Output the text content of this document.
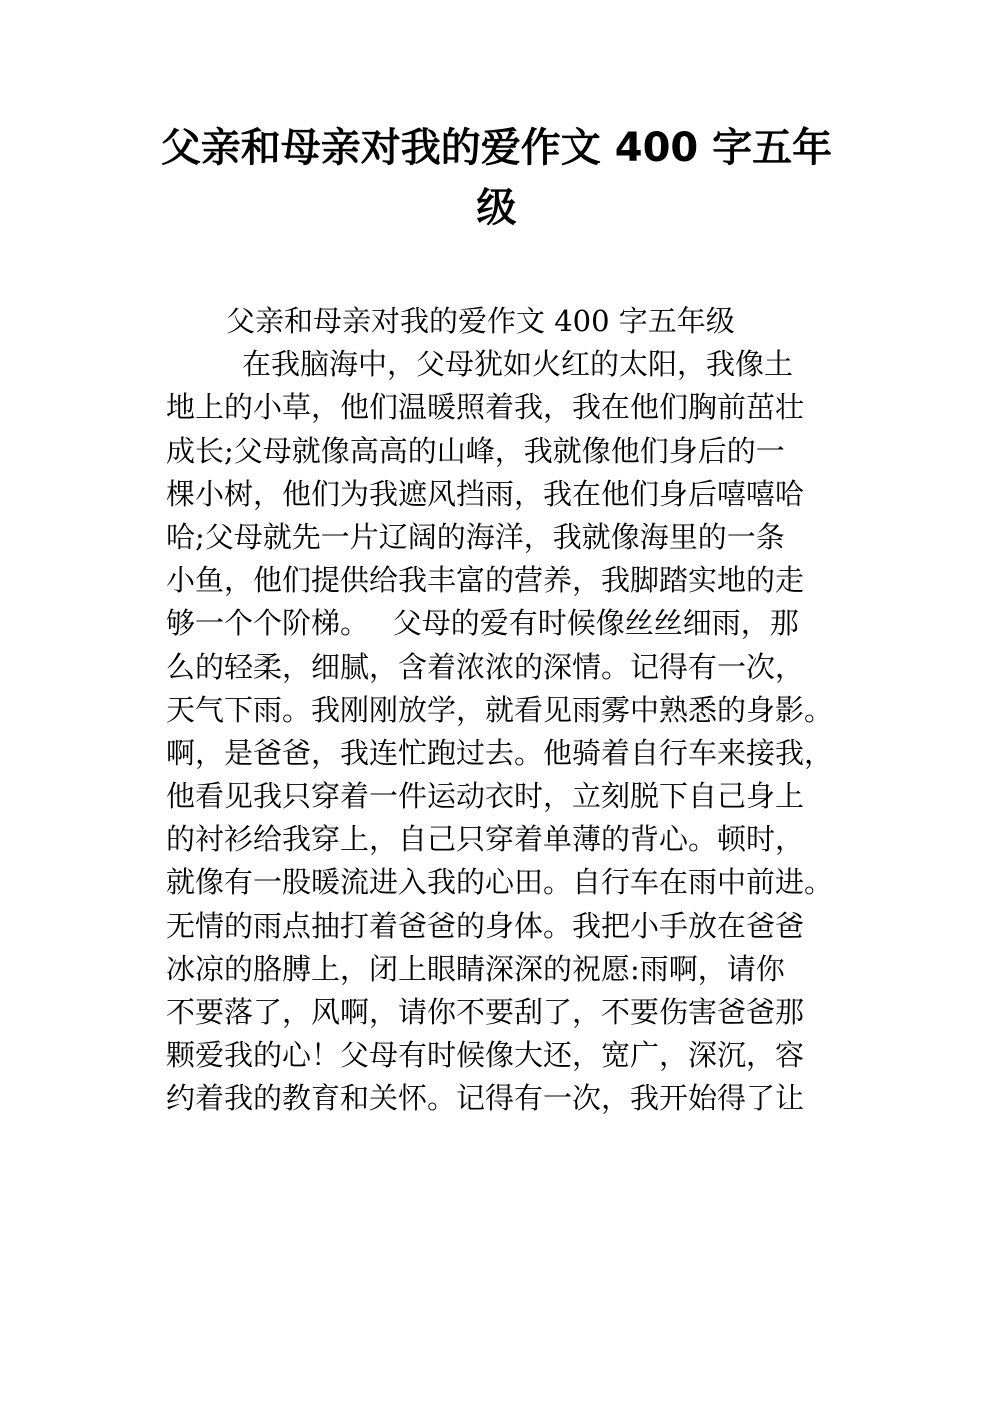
父亲和母亲对我的爱作文 400 字五年
级
父亲和母亲对我的爱作文 400 字五年级
在我脑海中，父母犹如火红的太阳，我像土
地上的小草，他们温暖照着我，我在他们胸前茁壮
成长;父母就像高高的山峰，我就像他们身后的一
棵小树，他们为我遮风挡雨，我在他们身后嘻嘻哈
哈;父母就先一片辽阔的海洋，我就像海里的一条
小鱼，他们提供给我丰富的营养，我脚踏实地的走
够一个个阶梯。　 父母的爱有时候像丝丝细雨，那
么的轻柔，细腻，含着浓浓的深情。记得有一次，
天气下雨。我刚刚放学，就看见雨雾中熟悉的身影。
啊，是爸爸，我连忙跑过去。他骑着自行车来接我，
他看见我只穿着一件运动衣时，立刻脱下自己身上
的衬衫给我穿上，自己只穿着单薄的背心。顿时，
就像有一股暖流进入我的心田。自行车在雨中前进。
无情的雨点抽打着爸爸的身体。我把小手放在爸爸
冰凉的胳膊上，闭上眼睛深深的祝愿:雨啊，请你
不要落了，风啊，请你不要刮了，不要伤害爸爸那
颗爱我的心！父母有时候像大还，宽广，深沉，容
约着我的教育和关怀。记得有一次，我开始得了让
